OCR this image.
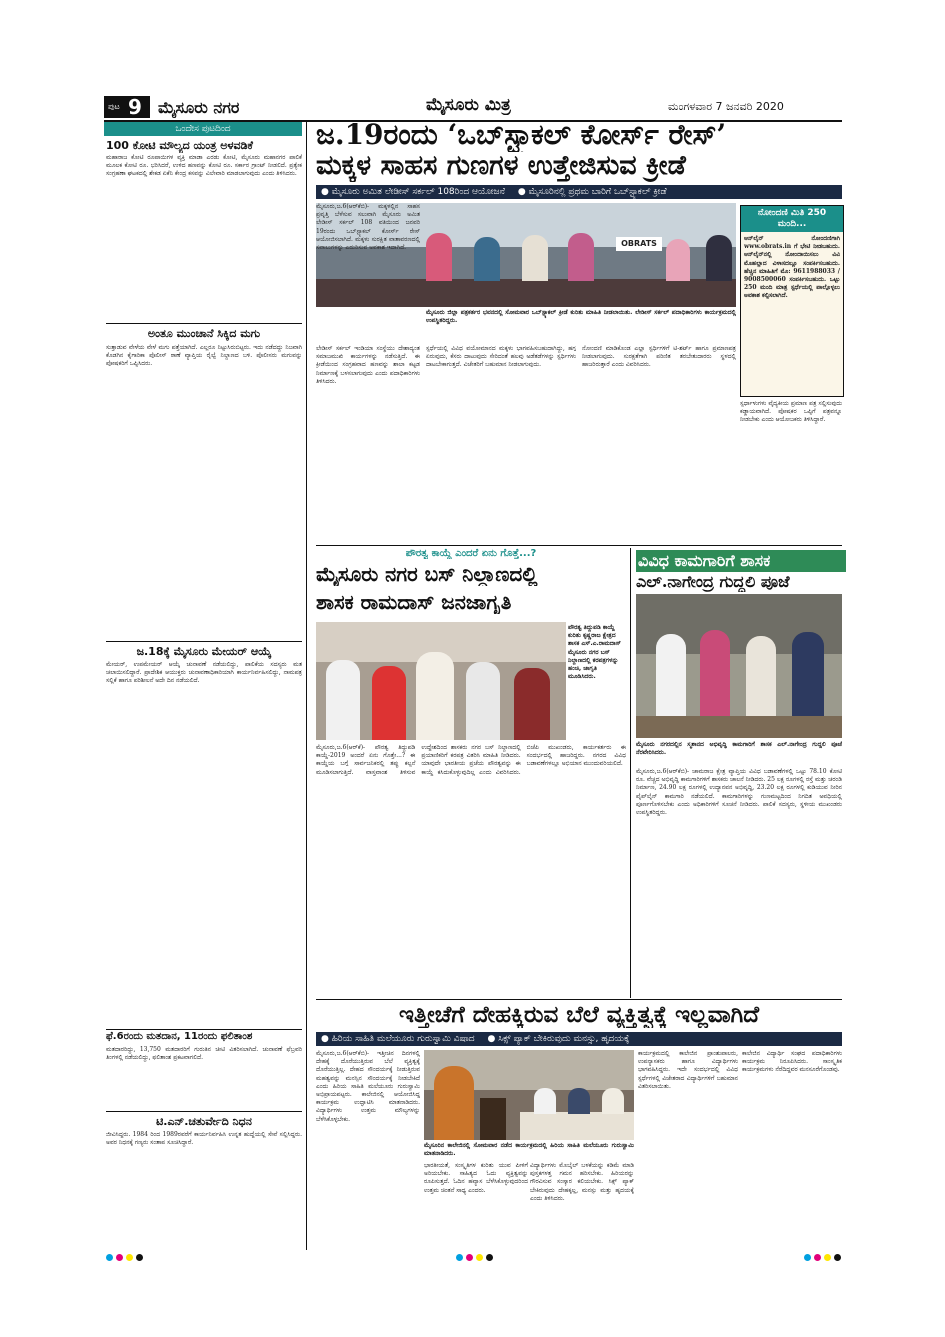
ಪುಟ 9 ಮೈಸೂರು ನಗರ	ಮೈಸೂರು ಮಿತ್ರ	ಮಂಗಳವಾರ 7 ಜನವರಿ 2020
ಒಂದೇಸ ಪುಟದಿಂದ
100 ಕೋಟಿ ಮೌಲ್ಯದ ಯಂತ್ರ ಅಳವಡಿಕೆ
ಮಹಾರಾಜ ಕೋಟಿ ರೂಪಾಯಿಗಳ ವ್ಯಕ್ತಿ ಮಾಡಾ ಎರಡು ಕೋಟಿ, ಮೈಸೂರು ಮಹಾನಗರ ಪಾಲಿಕೆ ಮೂಲಕ ಕೋಟಿ ರೂ. ಭರಿಸಿದರೆ, ಉಳಿದ ಹಣವನ್ನು ಕೋಟಿ ರೂ. ಸರ್ಕಾರ ಗ್ರಾಂಟ್ ನೀಡಲಿದೆ. ಪ್ರತ್ಯೇಕ ಸಂಗ್ರಹಣಾ ಘಟಕದಲ್ಲಿ ಶೇಕಡ ಏಕೆನಿ ಕೇಂದ್ರ ಕಸವನ್ನು ವಿಲೇವಾರಿ ಮಾಡಲಾಗುವುದು ಎಂದು ತಿಳಿಸಿದರು.
ಅಂತೂ ಮುಂಚಾನೆ ಸಿಕ್ಕಿದ ಮಗು
ಸುತ್ತಾಡುವ ವೇಳೆಯ ವೇಳೆ ಮಗು ಪತ್ತೆಯಾಗಿದೆ. ಎಲ್ಲರೂ ನಿಟ್ಟುಸಿರುಬಿಟ್ಟರು. ಇದು ನಡೆದದ್ದು ನಿಜವಾಗಿ ಕೊಡಗಿನ ಕೈಗಾರಿಕಾ ಪೊಲೀಸ್ ಠಾಣೆ ವ್ಯಾಪ್ತಿಯ ರೈಲ್ವೆ ನಿಲ್ದಾಣದ ಬಳಿ. ಪೊಲೀಸರು ಮಗುವನ್ನು ಪೋಷಕರಿಗೆ ಒಪ್ಪಿಸಿದರು.
ಜ.18ಕ್ಕೆ ಮೈಸೂರು ಮೇಯರ್ ಆಯ್ಕೆ
ಮೇಯರ್, ಉಪಮೇಯರ್ ಆಯ್ಕೆ ಚುನಾವಣೆ ನಡೆಯಲಿದ್ದು, ಪಾಲಿಕೆಯ ಸದಸ್ಯರು ಮತ ಚಲಾಯಿಸಲಿದ್ದಾರೆ. ಪ್ರಾದೇಶಿಕ ಆಯುಕ್ತರು ಚುನಾವಣಾಧಿಕಾರಿಯಾಗಿ ಕಾರ್ಯನಿರ್ವಹಿಸಲಿದ್ದು, ನಾಮಪತ್ರ ಸಲ್ಲಿಕೆ ಹಾಗೂ ಪರಿಶೀಲನೆ ಅದೇ ದಿನ ನಡೆಯಲಿದೆ.
ಫೆ.6ರಂದು ಮತದಾನ, 11ರಂದು ಫಲಿತಾಂಶ
ಮತದಾರರಿದ್ದು, 13,750 ಮತದಾರರಿಗೆ ಗುರುತಿನ ಚೀಟಿ ವಿತರಿಸಲಾಗಿದೆ. ಚುನಾವಣೆ ಫೆಬ್ರವರಿ ತಿಂಗಳಲ್ಲಿ ನಡೆಯಲಿದ್ದು, ಫಲಿತಾಂಶ ಪ್ರಕಟವಾಗಲಿದೆ.
ಟಿ.ಎನ್.ಚತುರ್ವೇದಿ ನಿಧನ
ಜೀವಿಸಿದ್ದರು. 1984 ರಿಂದ 1989ರವರೆಗೆ ಕಾರ್ಯನಿರ್ವಹಿಸಿ ಉನ್ನತ ಹುದ್ದೆಯಲ್ಲಿ ಸೇವೆ ಸಲ್ಲಿಸಿದ್ದರು. ಅವರ ನಿಧನಕ್ಕೆ ಗಣ್ಯರು ಸಂತಾಪ ಸೂಚಿಸಿದ್ದಾರೆ.
ಜ.19ರಂದು ‘ಒಬ್‌ಸ್ಟ್ಯಾಕಲ್ ಕೋರ್ಸ್ ರೇಸ್’
ಮಕ್ಕಳ ಸಾಹಸ ಗುಣಗಳ ಉತ್ತೇಜಿಸುವ ಕ್ರೀಡೆ
● ಮೈಸೂರು ಅಮಿತ ಲೇಡೀಸ್ ಸರ್ಕಲ್ 108ರಿಂದ ಆಯೋಜನೆ ● ಮೈಸೂರಿನಲ್ಲಿ ಪ್ರಥಮ ಬಾರಿಗೆ ಒಬ್‌ಸ್ಟ್ಯಾಕಲ್ ಕ್ರೀಡೆ
OBRATS
ಮೈಸೂರು ಜಿಲ್ಲಾ ಪತ್ರಕರ್ತರ ಭವನದಲ್ಲಿ ಸೋಮವಾರ ಒಬ್‌ಸ್ಟ್ಯಾಕಲ್ ಕ್ರೀಡೆ ಕುರಿತು ಮಾಹಿತಿ ನೀಡಲಾಯಿತು. ಲೇಡೀಸ್ ಸರ್ಕಲ್ ಪದಾಧಿಕಾರಿಗಳು ಕಾರ್ಯಕ್ರಮದಲ್ಲಿ ಉಪಸ್ಥಿತರಿದ್ದರು.
ಮೈಸೂರು,ಜ.6(ಆರ್‌ಕೆಬಿ)- ಮಕ್ಕಳಲ್ಲಿನ ಸಾಹಸ ಪ್ರವೃತ್ತಿ ಬೆಳೆಸುವ ಸಲುವಾಗಿ ಮೈಸೂರು ಅಮಿತ ಲೇಡೀಸ್ ಸರ್ಕಲ್ 108 ವತಿಯಿಂದ ಜನವರಿ 19ರಂದು ಒಬ್‌ಸ್ಟ್ಯಾಕಲ್ ಕೋರ್ಸ್ ರೇಸ್ ಆಯೋಜಿಸಲಾಗಿದೆ. ಮಕ್ಕಳು ಸುರಕ್ಷಿತ ವಾತಾವರಣದಲ್ಲಿ ಸವಾಲುಗಳನ್ನು ಎದುರಿಸುವ ಅವಕಾಶ ಇದಾಗಿದೆ.
ಲೇಡೀಸ್ ಸರ್ಕಲ್ ಇಂಡಿಯಾ ಸಂಸ್ಥೆಯು ದೇಶಾದ್ಯಂತ ಸಮಾಜಮುಖಿ ಕಾರ್ಯಗಳನ್ನು ನಡೆಸುತ್ತಿದೆ. ಈ ಕ್ರೀಡೆಯಿಂದ ಸಂಗ್ರಹವಾದ ಹಣವನ್ನು ಶಾಲಾ ಕಟ್ಟಡ ನಿರ್ಮಾಣಕ್ಕೆ ಬಳಸಲಾಗುವುದು ಎಂದು ಪದಾಧಿಕಾರಿಗಳು ತಿಳಿಸಿದರು.
ಸ್ಪರ್ಧೆಯಲ್ಲಿ ವಿವಿಧ ವಯೋಮಾನದ ಮಕ್ಕಳು ಭಾಗವಹಿಸಬಹುದಾಗಿದ್ದು, ಹಗ್ಗ ಏರುವುದು, ಕೆಸರು ದಾಟುವುದು ಸೇರಿದಂತೆ ಹಲವು ಅಡೆತಡೆಗಳನ್ನು ಸ್ಪರ್ಧಿಗಳು ದಾಟಬೇಕಾಗುತ್ತದೆ. ವಿಜೇತರಿಗೆ ಬಹುಮಾನ ನೀಡಲಾಗುವುದು.
ನೋಂದಣಿ ಮಾಡಿಕೊಂಡ ಎಲ್ಲಾ ಸ್ಪರ್ಧಿಗಳಿಗೆ ಟಿ-ಶರ್ಟ್ ಹಾಗೂ ಪ್ರಮಾಣಪತ್ರ ನೀಡಲಾಗುವುದು. ಸುರಕ್ಷತೆಗಾಗಿ ಪರಿಣಿತ ತರಬೇತುದಾರರು ಸ್ಥಳದಲ್ಲಿ ಹಾಜರಿರುತ್ತಾರೆ ಎಂದು ವಿವರಿಸಿದರು.
ನೋಂದಣಿ ಮಿತಿ 250 ಮಂದಿ...
ಆನ್‌ಲೈನ್ ನೋಂದಣಿಗಾಗಿ www.obrats.in ಗೆ ಭೇಟಿ ನೀಡಬಹುದು. ಆನ್‌ಲೈನ್‌ನಲ್ಲಿ ನೋಂದಾಯಿಸಲು ವಿವಿ ಮೊಹಲ್ಲಾದ ವಿಳಾಸದಲ್ಲೂ ಸಂಪರ್ಕಿಸಬಹುದು. ಹೆಚ್ಚಿನ ಮಾಹಿತಿಗೆ ಮೊ: 9611988033 / 9008500060 ಸಂಪರ್ಕಿಸಬಹುದು. ಒಟ್ಟು 250 ಮಂದಿ ಮಾತ್ರ ಸ್ಪರ್ಧೆಯಲ್ಲಿ ಪಾಲ್ಗೊಳ್ಳಲು ಅವಕಾಶ ಕಲ್ಪಿಸಲಾಗಿದೆ.
ಸ್ಪರ್ಧಾಳುಗಳು ವೈದ್ಯಕೀಯ ಪ್ರಮಾಣ ಪತ್ರ ಸಲ್ಲಿಸುವುದು ಕಡ್ಡಾಯವಾಗಿದೆ. ಪೋಷಕರ ಒಪ್ಪಿಗೆ ಪತ್ರವನ್ನೂ ನೀಡಬೇಕು ಎಂದು ಆಯೋಜಕರು ತಿಳಿಸಿದ್ದಾರೆ.
ಪೌರತ್ವ ಕಾಯ್ದೆ ಎಂದರೆ ಏನು ಗೊತ್ತೆ...?
ಮೈಸೂರು ನಗರ ಬಸ್ ನಿಲ್ದಾಣದಲ್ಲಿ
ಶಾಸಕ ರಾಮದಾಸ್ ಜನಜಾಗೃತಿ
ಪೌರತ್ವ ತಿದ್ದುಪಡಿ ಕಾಯ್ದೆ ಕುರಿತು ಕೃಷ್ಣರಾಜ ಕ್ಷೇತ್ರದ ಶಾಸಕ ಎಸ್.ಎ.ರಾಮದಾಸ್ ಮೈಸೂರು ನಗರ ಬಸ್ ನಿಲ್ದಾಣದಲ್ಲಿ ಕರಪತ್ರಗಳನ್ನು ಹಂಚಿ, ಜಾಗೃತಿ ಮೂಡಿಸಿದರು.
ಮೈಸೂರು,ಜ.6(ಆರ್‌ಕೆ)- ಪೌರತ್ವ ತಿದ್ದುಪಡಿ ಕಾಯ್ದೆ-2019 ಅಂದರೆ ಏನು ಗೊತ್ತೇ...? ಈ ಕಾಯ್ದೆಯ ಬಗ್ಗೆ ಸಾರ್ವಜನಿಕರಲ್ಲಿ ತಪ್ಪು ಕಲ್ಪನೆ ಮೂಡಿಸಲಾಗುತ್ತಿದೆ. ವಾಸ್ತವಾಂಶ ತಿಳಿಸುವ ಉದ್ದೇಶದಿಂದ ಶಾಸಕರು ನಗರ ಬಸ್ ನಿಲ್ದಾಣದಲ್ಲಿ ಪ್ರಯಾಣಿಕರಿಗೆ ಕರಪತ್ರ ವಿತರಿಸಿ ಮಾಹಿತಿ ನೀಡಿದರು. ಯಾವುದೇ ಭಾರತೀಯ ಪ್ರಜೆಯ ಪೌರತ್ವವನ್ನು ಈ ಕಾಯ್ದೆ ಕಸಿದುಕೊಳ್ಳುವುದಿಲ್ಲ ಎಂದು ವಿವರಿಸಿದರು. ಬಿಜೆಪಿ ಮುಖಂಡರು, ಕಾರ್ಯಕರ್ತರು ಈ ಸಂದರ್ಭದಲ್ಲಿ ಹಾಜರಿದ್ದರು. ನಗರದ ವಿವಿಧ ಬಡಾವಣೆಗಳಲ್ಲೂ ಅಭಿಯಾನ ಮುಂದುವರಿಯಲಿದೆ.
ವಿವಿಧ ಕಾಮಗಾರಿಗೆ ಶಾಸಕ
ಎಲ್.ನಾಗೇಂದ್ರ ಗುದ್ದಲಿ ಪೂಜೆ
ಮೈಸೂರು ನಗರದಲ್ಲಿನ ಸ್ಮಶಾನದ ಅಭಿವೃದ್ಧಿ ಕಾಮಗಾರಿಗೆ ಶಾಸಕ ಎಲ್.ನಾಗೇಂದ್ರ ಗುದ್ದಲಿ ಪೂಜೆ ನೆರವೇರಿಸಿದರು.
ಮೈಸೂರು,ಜ.6(ಆರ್‌ಕೆಬಿ)- ಚಾಮರಾಜ ಕ್ಷೇತ್ರ ವ್ಯಾಪ್ತಿಯ ವಿವಿಧ ಬಡಾವಣೆಗಳಲ್ಲಿ ಒಟ್ಟು 78.10 ಕೋಟಿ ರೂ. ವೆಚ್ಚದ ಅಭಿವೃದ್ಧಿ ಕಾಮಗಾರಿಗಳಿಗೆ ಶಾಸಕರು ಚಾಲನೆ ನೀಡಿದರು. 25 ಲಕ್ಷ ರೂಗಳಲ್ಲಿ ರಸ್ತೆ ಮತ್ತು ಚರಂಡಿ ನಿರ್ಮಾಣ, 24.90 ಲಕ್ಷ ರೂಗಳಲ್ಲಿ ಉದ್ಯಾನವನ ಅಭಿವೃದ್ಧಿ, 23.20 ಲಕ್ಷ ರೂಗಳಲ್ಲಿ ಕುಡಿಯುವ ನೀರಿನ ಪೈಪ್‌ಲೈನ್ ಕಾಮಗಾರಿ ನಡೆಯಲಿದೆ. ಕಾಮಗಾರಿಗಳನ್ನು ಗುಣಮಟ್ಟದಿಂದ ನಿಗದಿತ ಅವಧಿಯಲ್ಲಿ ಪೂರ್ಣಗೊಳಿಸಬೇಕು ಎಂದು ಅಧಿಕಾರಿಗಳಿಗೆ ಸೂಚನೆ ನೀಡಿದರು. ಪಾಲಿಕೆ ಸದಸ್ಯರು, ಸ್ಥಳೀಯ ಮುಖಂಡರು ಉಪಸ್ಥಿತರಿದ್ದರು.
ಇತ್ತೀಚೆಗೆ ದೇಹಕ್ಕಿರುವ ಬೆಲೆ ವ್ಯಕ್ತಿತ್ವಕ್ಕೆ ಇಲ್ಲವಾಗಿದೆ
● ಹಿರಿಯ ಸಾಹಿತಿ ಮಲೆಯೂರು ಗುರುಸ್ವಾಮಿ ವಿಷಾದ ● ಸಿಕ್ಸ್ ಪ್ಯಾಕ್ ಬೇಕಿರುವುದು ಮನಸ್ಸು, ಹೃದಯಕ್ಕೆ
ಮೈಸೂರು,ಜ.6(ಆರ್‌ಕೆಬಿ)- ಇತ್ತೀಚಿನ ದಿನಗಳಲ್ಲಿ ದೇಹಕ್ಕೆ ದೊರೆಯುತ್ತಿರುವ ಬೆಲೆ ವ್ಯಕ್ತಿತ್ವಕ್ಕೆ ದೊರೆಯುತ್ತಿಲ್ಲ. ದೇಹದ ಸೌಂದರ್ಯಕ್ಕೆ ನೀಡುತ್ತಿರುವ ಮಹತ್ವವನ್ನು ಮನಸ್ಸಿನ ಸೌಂದರ್ಯಕ್ಕೆ ನೀಡಬೇಕಿದೆ ಎಂದು ಹಿರಿಯ ಸಾಹಿತಿ ಮಲೆಯೂರು ಗುರುಸ್ವಾಮಿ ಅಭಿಪ್ರಾಯಪಟ್ಟರು. ಕಾಲೇಜಿನಲ್ಲಿ ಆಯೋಜಿಸಿದ್ದ ಕಾರ್ಯಕ್ರಮ ಉದ್ಘಾಟಿಸಿ ಮಾತನಾಡಿದರು. ವಿದ್ಯಾರ್ಥಿಗಳು ಉತ್ತಮ ಮೌಲ್ಯಗಳನ್ನು ಬೆಳೆಸಿಕೊಳ್ಳಬೇಕು.
ಮೈಸೂರಿನ ಕಾಲೇಜಿನಲ್ಲಿ ಸೋಮವಾರ ನಡೆದ ಕಾರ್ಯಕ್ರಮದಲ್ಲಿ ಹಿರಿಯ ಸಾಹಿತಿ ಮಲೆಯೂರು ಗುರುಸ್ವಾಮಿ ಮಾತನಾಡಿದರು.
ಭಾರತೀಯತೆ, ಸಂಸ್ಕೃತಿಗಳ ಕುರಿತು ಯುವ ಪೀಳಿಗೆ ಅರಿಯಬೇಕು. ಸಾಹಿತ್ಯದ ಓದು ವ್ಯಕ್ತಿತ್ವವನ್ನು ರೂಪಿಸುತ್ತದೆ. ಓದಿನ ಹವ್ಯಾಸ ಬೆಳೆಸಿಕೊಳ್ಳುವುದರಿಂದ ಉತ್ತಮ ಚಿಂತನೆ ಸಾಧ್ಯ ಎಂದರು.
ವಿದ್ಯಾರ್ಥಿಗಳು ಮೊಬೈಲ್ ಬಳಕೆಯನ್ನು ಕಡಿಮೆ ಮಾಡಿ ಪುಸ್ತಕಗಳತ್ತ ಗಮನ ಹರಿಸಬೇಕು. ಹಿರಿಯರನ್ನು ಗೌರವಿಸುವ ಸಂಸ್ಕಾರ ಕಲಿಯಬೇಕು. ಸಿಕ್ಸ್ ಪ್ಯಾಕ್ ಬೇಕಿರುವುದು ದೇಹಕ್ಕಲ್ಲ, ಮನಸ್ಸು ಮತ್ತು ಹೃದಯಕ್ಕೆ ಎಂದು ತಿಳಿಸಿದರು.
ಕಾರ್ಯಕ್ರಮದಲ್ಲಿ ಕಾಲೇಜಿನ ಪ್ರಾಂಶುಪಾಲರು, ಉಪನ್ಯಾಸಕರು ಹಾಗೂ ವಿದ್ಯಾರ್ಥಿಗಳು ಭಾಗವಹಿಸಿದ್ದರು. ಇದೇ ಸಂದರ್ಭದಲ್ಲಿ ವಿವಿಧ ಸ್ಪರ್ಧೆಗಳಲ್ಲಿ ವಿಜೇತರಾದ ವಿದ್ಯಾರ್ಥಿಗಳಿಗೆ ಬಹುಮಾನ ವಿತರಿಸಲಾಯಿತು.
ಕಾಲೇಜಿನ ವಿದ್ಯಾರ್ಥಿ ಸಂಘದ ಪದಾಧಿಕಾರಿಗಳು ಕಾರ್ಯಕ್ರಮ ನಿರೂಪಿಸಿದರು. ಸಾಂಸ್ಕೃತಿಕ ಕಾರ್ಯಕ್ರಮಗಳು ನೆರೆದಿದ್ದವರ ಮನಸೂರೆಗೊಂಡವು.
